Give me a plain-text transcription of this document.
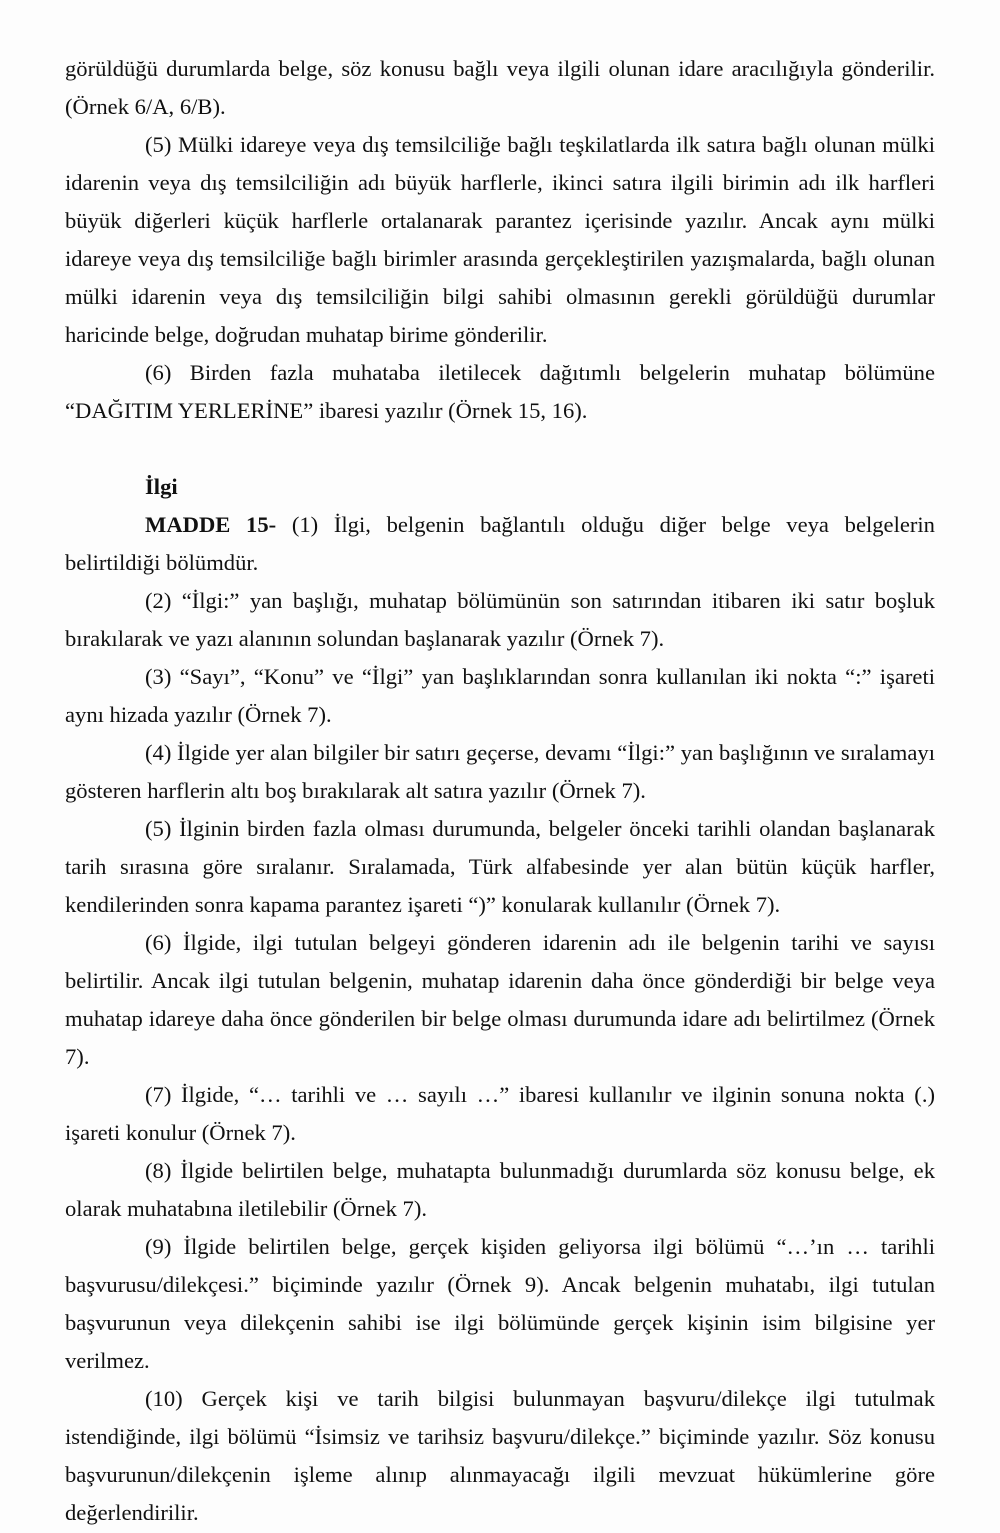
görüldüğü durumlarda belge, söz konusu bağlı veya ilgili olunan idare aracılığıyla gönderilir. (Örnek 6/A, 6/B).

(5) Mülki idareye veya dış temsilciliğe bağlı teşkilatlarda ilk satıra bağlı olunan mülki idarenin veya dış temsilciliğin adı büyük harflerle, ikinci satıra ilgili birimin adı ilk harfleri büyük diğerleri küçük harflerle ortalanarak parantez içerisinde yazılır. Ancak aynı mülki idareye veya dış temsilciliğe bağlı birimler arasında gerçekleştirilen yazışmalarda, bağlı olunan mülki idarenin veya dış temsilciliğin bilgi sahibi olmasının gerekli görüldüğü durumlar haricinde belge, doğrudan muhatap birime gönderilir.

(6) Birden fazla muhataba iletilecek dağıtımlı belgelerin muhatap bölümüne “DAĞITIM YERLERİNE” ibaresi yazılır (Örnek 15, 16).

İlgi

MADDE 15- (1) İlgi, belgenin bağlantılı olduğu diğer belge veya belgelerin belirtildiği bölümdür.

(2) “İlgi:” yan başlığı, muhatap bölümünün son satırından itibaren iki satır boşluk bırakılarak ve yazı alanının solundan başlanarak yazılır (Örnek 7).

(3) “Sayı”, “Konu” ve “İlgi” yan başlıklarından sonra kullanılan iki nokta “:” işareti aynı hizada yazılır (Örnek 7).

(4) İlgide yer alan bilgiler bir satırı geçerse, devamı “İlgi:” yan başlığının ve sıralamayı gösteren harflerin altı boş bırakılarak alt satıra yazılır (Örnek 7).

(5) İlginin birden fazla olması durumunda, belgeler önceki tarihli olandan başlanarak tarih sırasına göre sıralanır. Sıralamada, Türk alfabesinde yer alan bütün küçük harfler, kendilerinden sonra kapama parantez işareti “)” konularak kullanılır (Örnek 7).

(6) İlgide, ilgi tutulan belgeyi gönderen idarenin adı ile belgenin tarihi ve sayısı belirtilir. Ancak ilgi tutulan belgenin, muhatap idarenin daha önce gönderdiği bir belge veya muhatap idareye daha önce gönderilen bir belge olması durumunda idare adı belirtilmez (Örnek 7).

(7) İlgide, “… tarihli ve … sayılı …” ibaresi kullanılır ve ilginin sonuna nokta (.) işareti konulur (Örnek 7).

(8) İlgide belirtilen belge, muhatapta bulunmadığı durumlarda söz konusu belge, ek olarak muhatabına iletilebilir (Örnek 7).

(9) İlgide belirtilen belge, gerçek kişiden geliyorsa ilgi bölümü “…’ın … tarihli başvurusu/dilekçesi.” biçiminde yazılır (Örnek 9). Ancak belgenin muhatabı, ilgi tutulan başvurunun veya dilekçenin sahibi ise ilgi bölümünde gerçek kişinin isim bilgisine yer verilmez.

(10) Gerçek kişi ve tarih bilgisi bulunmayan başvuru/dilekçe ilgi tutulmak istendiğinde, ilgi bölümü “İsimsiz ve tarihsiz başvuru/dilekçe.” biçiminde yazılır. Söz konusu başvurunun/dilekçenin işleme alınıp alınmayacağı ilgili mevzuat hükümlerine göre değerlendirilir.
